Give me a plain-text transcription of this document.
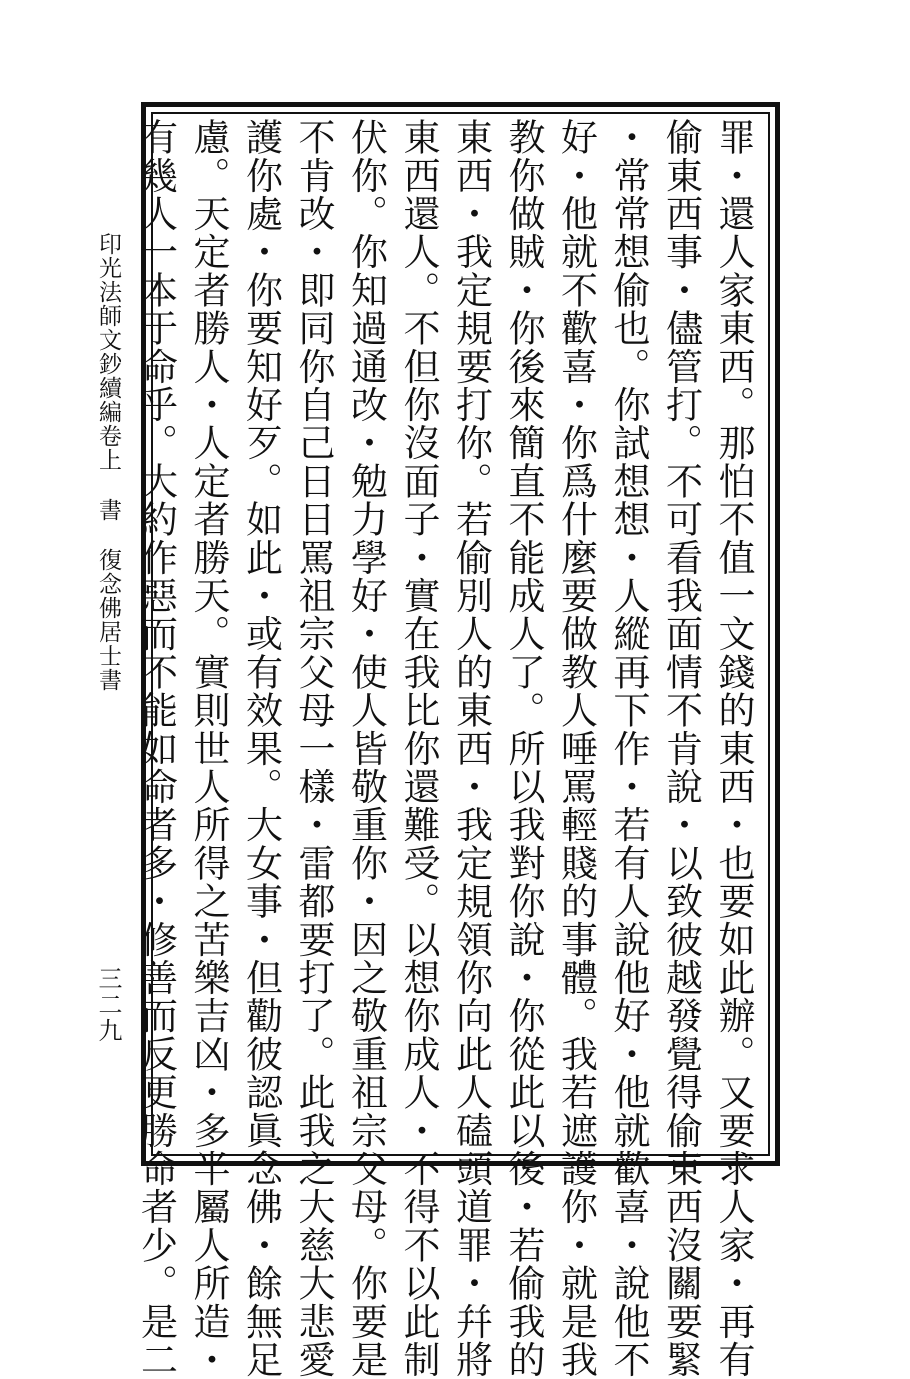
印光法師文鈔續編卷上書復念佛居士書
三二九	罪・還人家東西。那怕不值一文錢的東西・也要如此辦。又要求人家・再有
偷東西事・儘管打。不可看我面情不肯說・以致彼越發覺得偷東西沒關要緊
・常常想偷也。你試想想・人縱再下作・若有人說他好・他就歡喜・說他不
好・他就不歡喜・你爲什麼要做教人唾罵輕賤的事體。我若遮護你・就是我
教你做賊・你後來簡直不能成人了。所以我對你說・你從此以後・若偷我的
東西・我定規要打你。若偷別人的東西・我定規領你向此人磕頭道罪・幷將
東西還人。不但你沒面子・實在我比你還難受。以想你成人・不得不以此制
伏你。你知過通改・勉力學好・使人皆敬重你・因之敬重祖宗父母。你要是
不肯改・即同你自己日日罵祖宗父母一樣・雷都要打了。此我之大慈大悲愛
護你處・你要知好歹。如此・或有效果。大女事・但勸彼認眞念佛・餘無足
慮。天定者勝人・人定者勝天。實則世人所得之苦樂吉凶・多半屬人所造・
有幾人一本于命乎。大約作惡而不能如命者多・修善而反更勝命者少。是二
